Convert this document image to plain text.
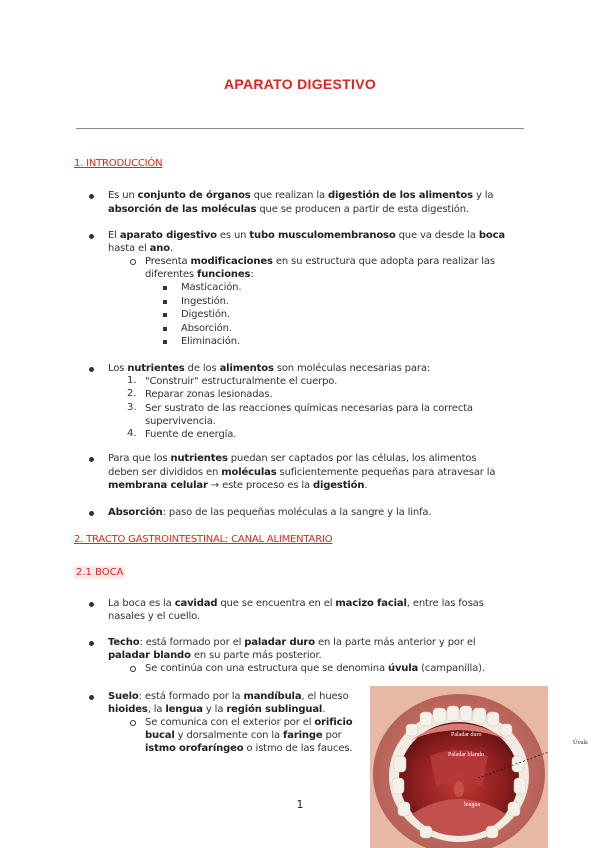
APARATO DIGESTIVO
1. INTRODUCCIÓN
Es un conjunto de órganos que realizan la digestión de los alimentos y la
absorción de las moléculas que se producen a partir de esta digestión.
El aparato digestivo es un tubo musculomembranoso que va desde la boca
hasta el ano.
Presenta modificaciones en su estructura que adopta para realizar las
diferentes funciones:
Masticación.
Ingestión.
Digestión.
Absorción.
Eliminación.
Los nutrientes de los alimentos son moléculas necesarias para:
1. "Construir" estructuralmente el cuerpo.
2. Reparar zonas lesionadas.
3. Ser sustrato de las reacciones químicas necesarias para la correcta
supervivencia.
4. Fuente de energía.
Para que los nutrientes puedan ser captados por las células, los alimentos
deben ser divididos en moléculas suficientemente pequeñas para atravesar la
membrana celular → este proceso es la digestión.
Absorción: paso de las pequeñas moléculas a la sangre y la linfa.
2. TRACTO GASTROINTESTINAL: CANAL ALIMENTARIO
2.1 BOCA
La boca es la cavidad que se encuentra en el macizo facial, entre las fosas
nasales y el cuello.
Techo: está formado por el paladar duro en la parte más anterior y por el
paladar blando en su parte más posterior.
Se continúa con una estructura que se denomina úvula (campanilla).
Suelo: está formado por la mandíbula, el hueso
hioides, la lengua y la región sublingual.
Se comunica con el exterior por el orificio
bucal y dorsalmente con la faringe por
istmo orofaríngeo o istmo de las fauces.
Paladar duro
Paladar blando
lengua
Úvula
1
